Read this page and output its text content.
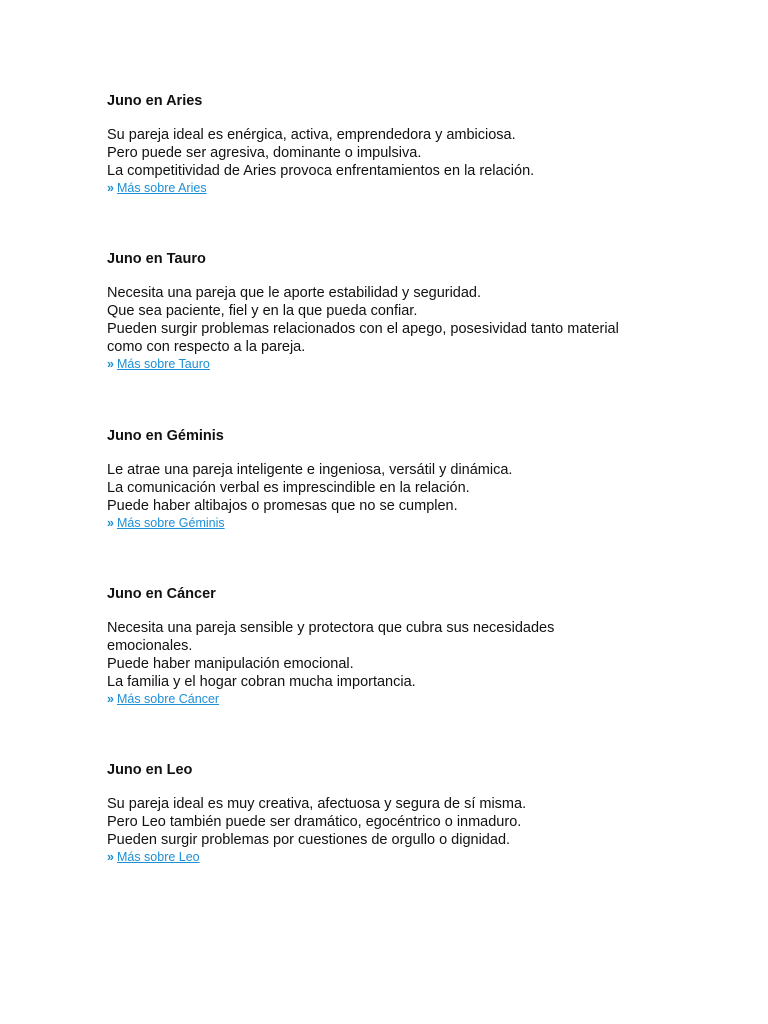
Juno en Aries

Su pareja ideal es enérgica, activa, emprendedora y ambiciosa.
Pero puede ser agresiva, dominante o impulsiva.
La competitividad de Aries provoca enfrentamientos en la relación.
» Más sobre Aries

Juno en Tauro

Necesita una pareja que le aporte estabilidad y seguridad.
Que sea paciente, fiel y en la que pueda confiar.
Pueden surgir problemas relacionados con el apego, posesividad tanto material
como con respecto a la pareja.
» Más sobre Tauro

Juno en Géminis

Le atrae una pareja inteligente e ingeniosa, versátil y dinámica.
La comunicación verbal es imprescindible en la relación.
Puede haber altibajos o promesas que no se cumplen.
» Más sobre Géminis

Juno en Cáncer

Necesita una pareja sensible y protectora que cubra sus necesidades
emocionales.
Puede haber manipulación emocional.
La familia y el hogar cobran mucha importancia.
» Más sobre Cáncer

Juno en Leo

Su pareja ideal es muy creativa, afectuosa y segura de sí misma.
Pero Leo también puede ser dramático, egocéntrico o inmaduro.
Pueden surgir problemas por cuestiones de orgullo o dignidad.
» Más sobre Leo
